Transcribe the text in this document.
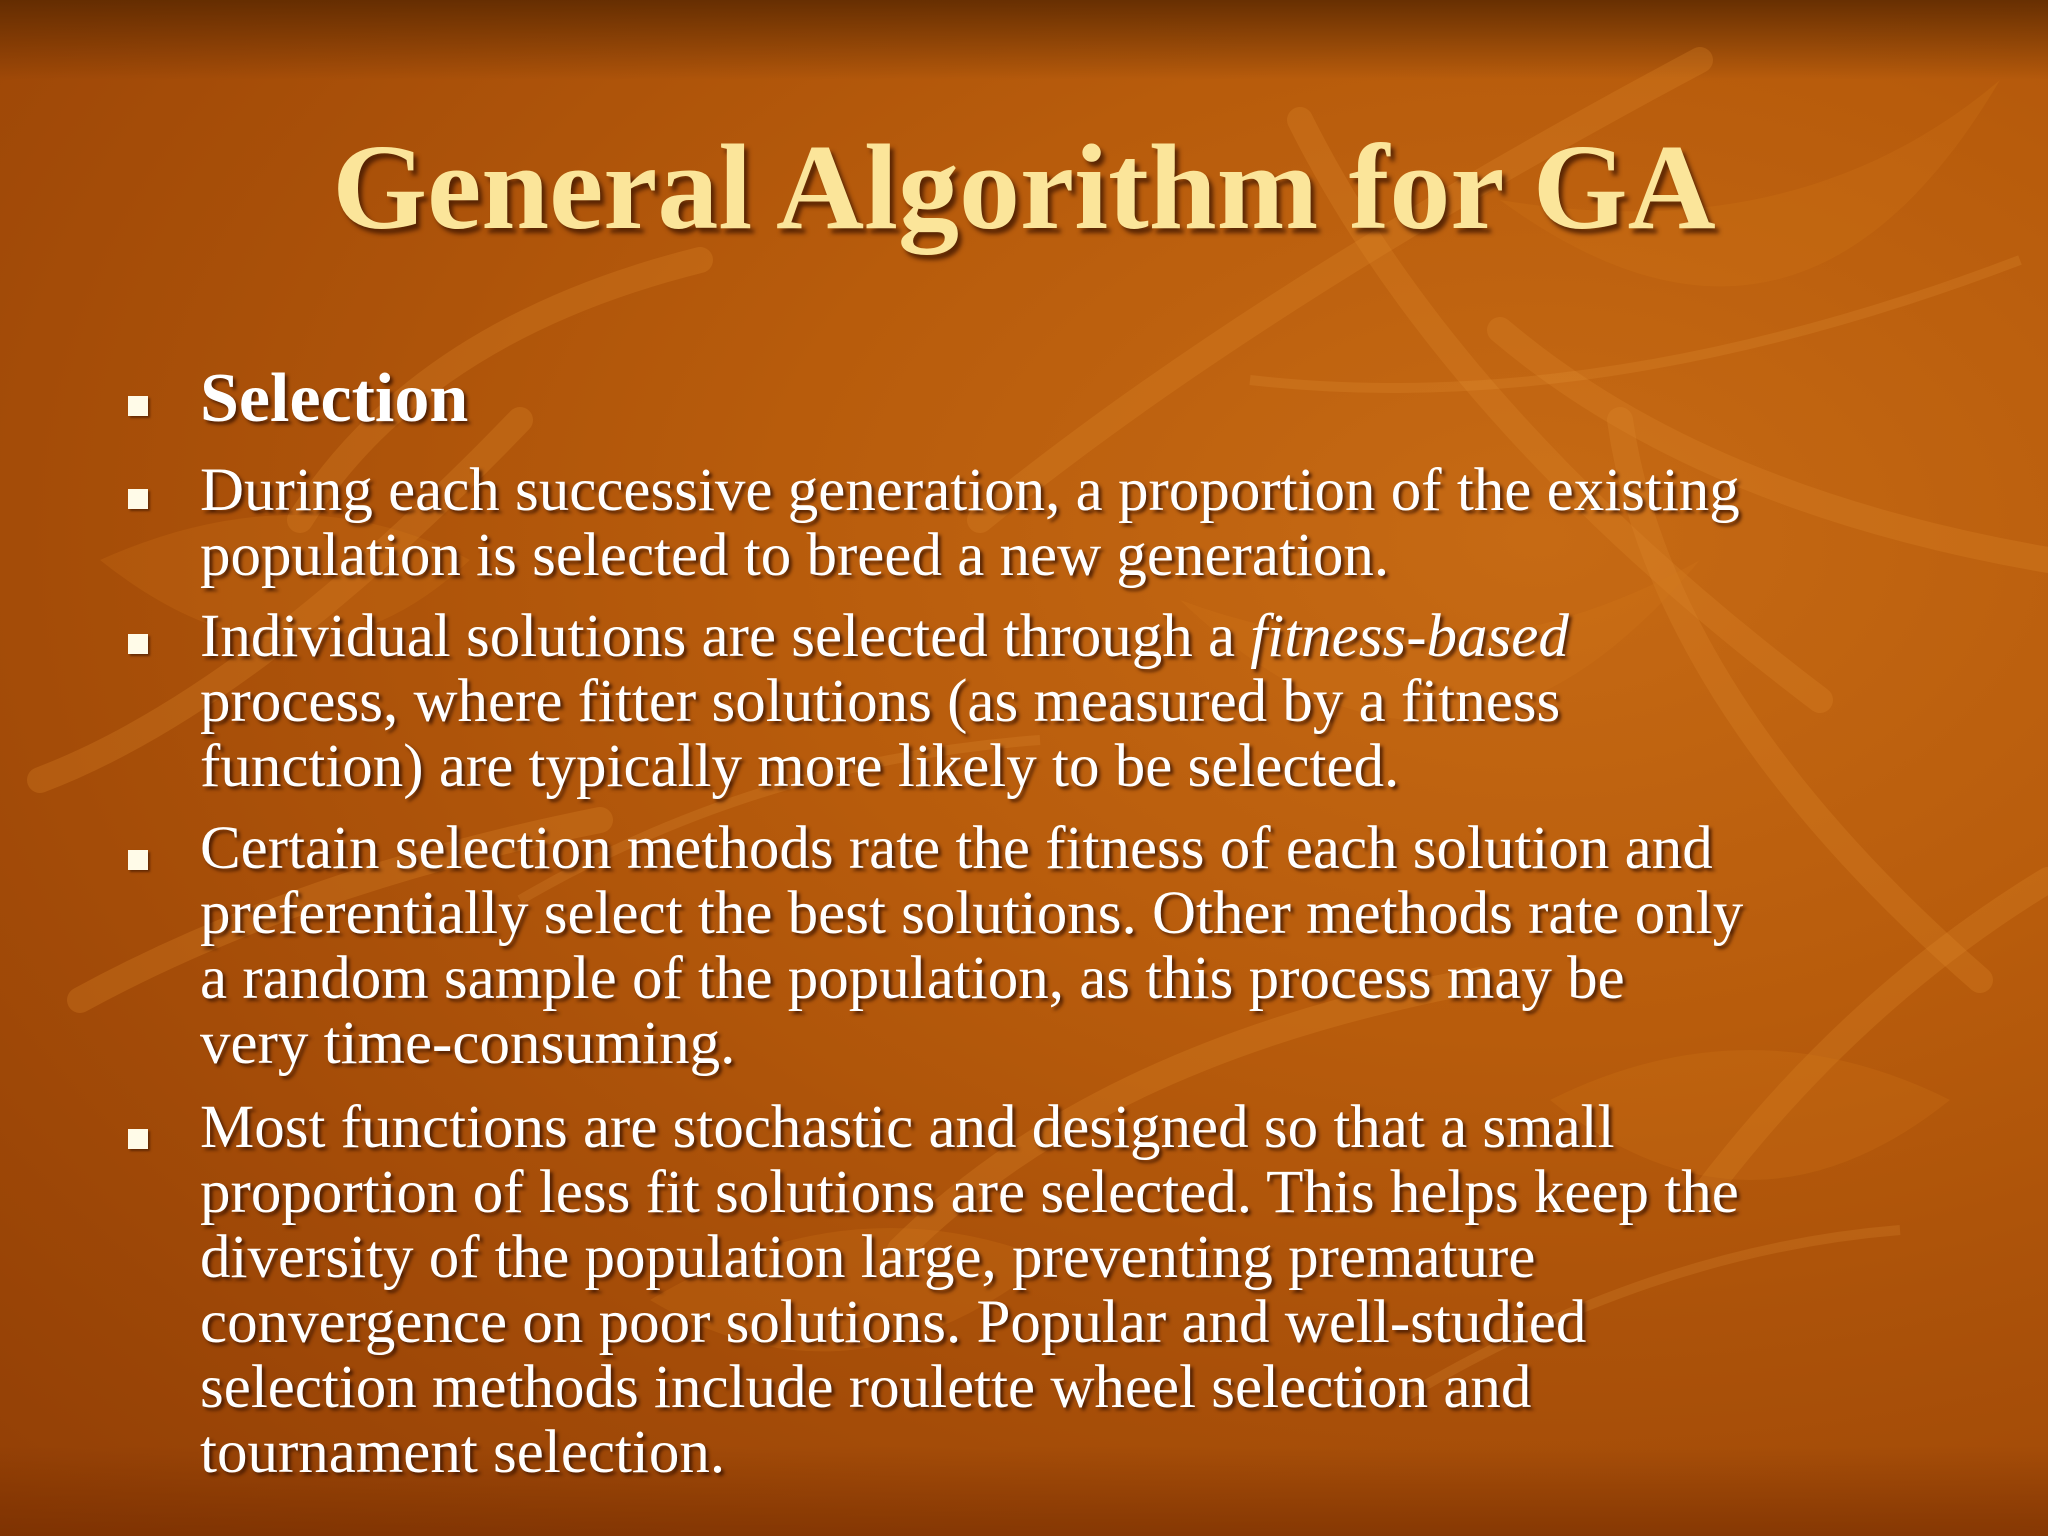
General Algorithm for GA
Selection
During each successive generation, a proportion of the existing
population is selected to breed a new generation.
Individual solutions are selected through a fitness-based
process, where fitter solutions (as measured by a fitness
function) are typically more likely to be selected.
Certain selection methods rate the fitness of each solution and
preferentially select the best solutions. Other methods rate only
a random sample of the population, as this process may be
very time-consuming.
Most functions are stochastic and designed so that a small
proportion of less fit solutions are selected. This helps keep the
diversity of the population large, preventing premature
convergence on poor solutions. Popular and well-studied
selection methods include roulette wheel selection and
tournament selection.
